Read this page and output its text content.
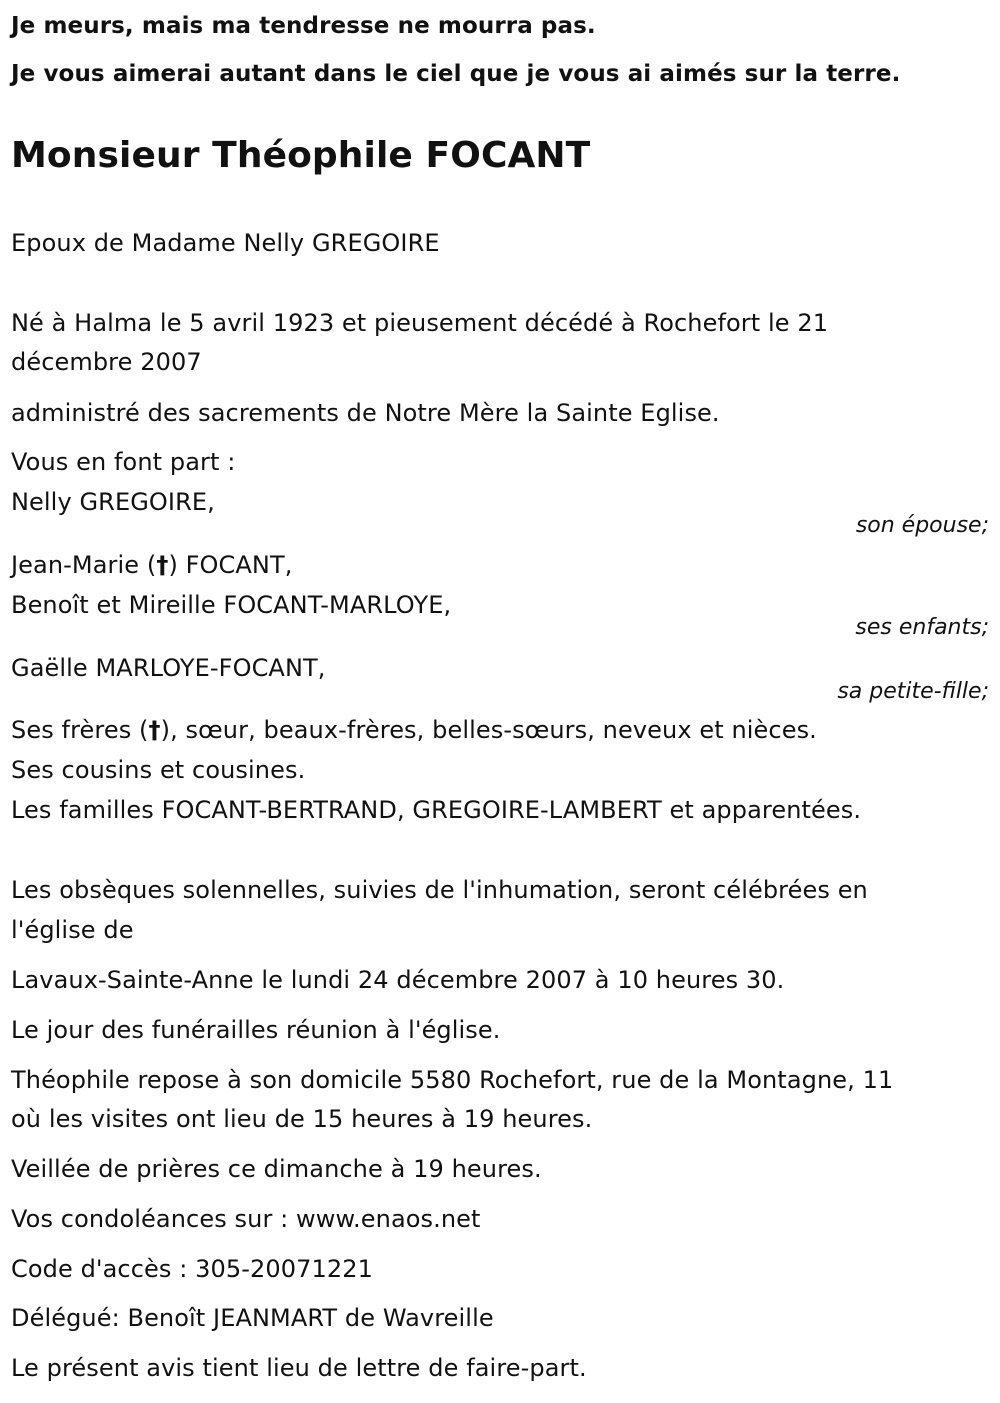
Je meurs, mais ma tendresse ne mourra pas.
Je vous aimerai autant dans le ciel que je vous ai aimés sur la terre.
Monsieur Théophile FOCANT
Epoux de Madame Nelly GREGOIRE
Né à Halma le 5 avril 1923 et pieusement décédé à Rochefort le 21
décembre 2007
administré des sacrements de Notre Mère la Sainte Eglise.
Vous en font part :
Nelly GREGOIRE,
son épouse;
Jean-Marie (†) FOCANT,
Benoît et Mireille FOCANT-MARLOYE,
ses enfants;
Gaëlle MARLOYE-FOCANT,
sa petite-fille;
Ses frères (†), sœur, beaux-frères, belles-sœurs, neveux et nièces.
Ses cousins et cousines.
Les familles FOCANT-BERTRAND, GREGOIRE-LAMBERT et apparentées.
Les obsèques solennelles, suivies de l'inhumation, seront célébrées en
l'église de
Lavaux-Sainte-Anne le lundi 24 décembre 2007 à 10 heures 30.
Le jour des funérailles réunion à l'église.
Théophile repose à son domicile 5580 Rochefort, rue de la Montagne, 11
où les visites ont lieu de 15 heures à 19 heures.
Veillée de prières ce dimanche à 19 heures.
Vos condoléances sur : www.enaos.net
Code d'accès : 305-20071221
Délégué: Benoît JEANMART de Wavreille
Le présent avis tient lieu de lettre de faire-part.
